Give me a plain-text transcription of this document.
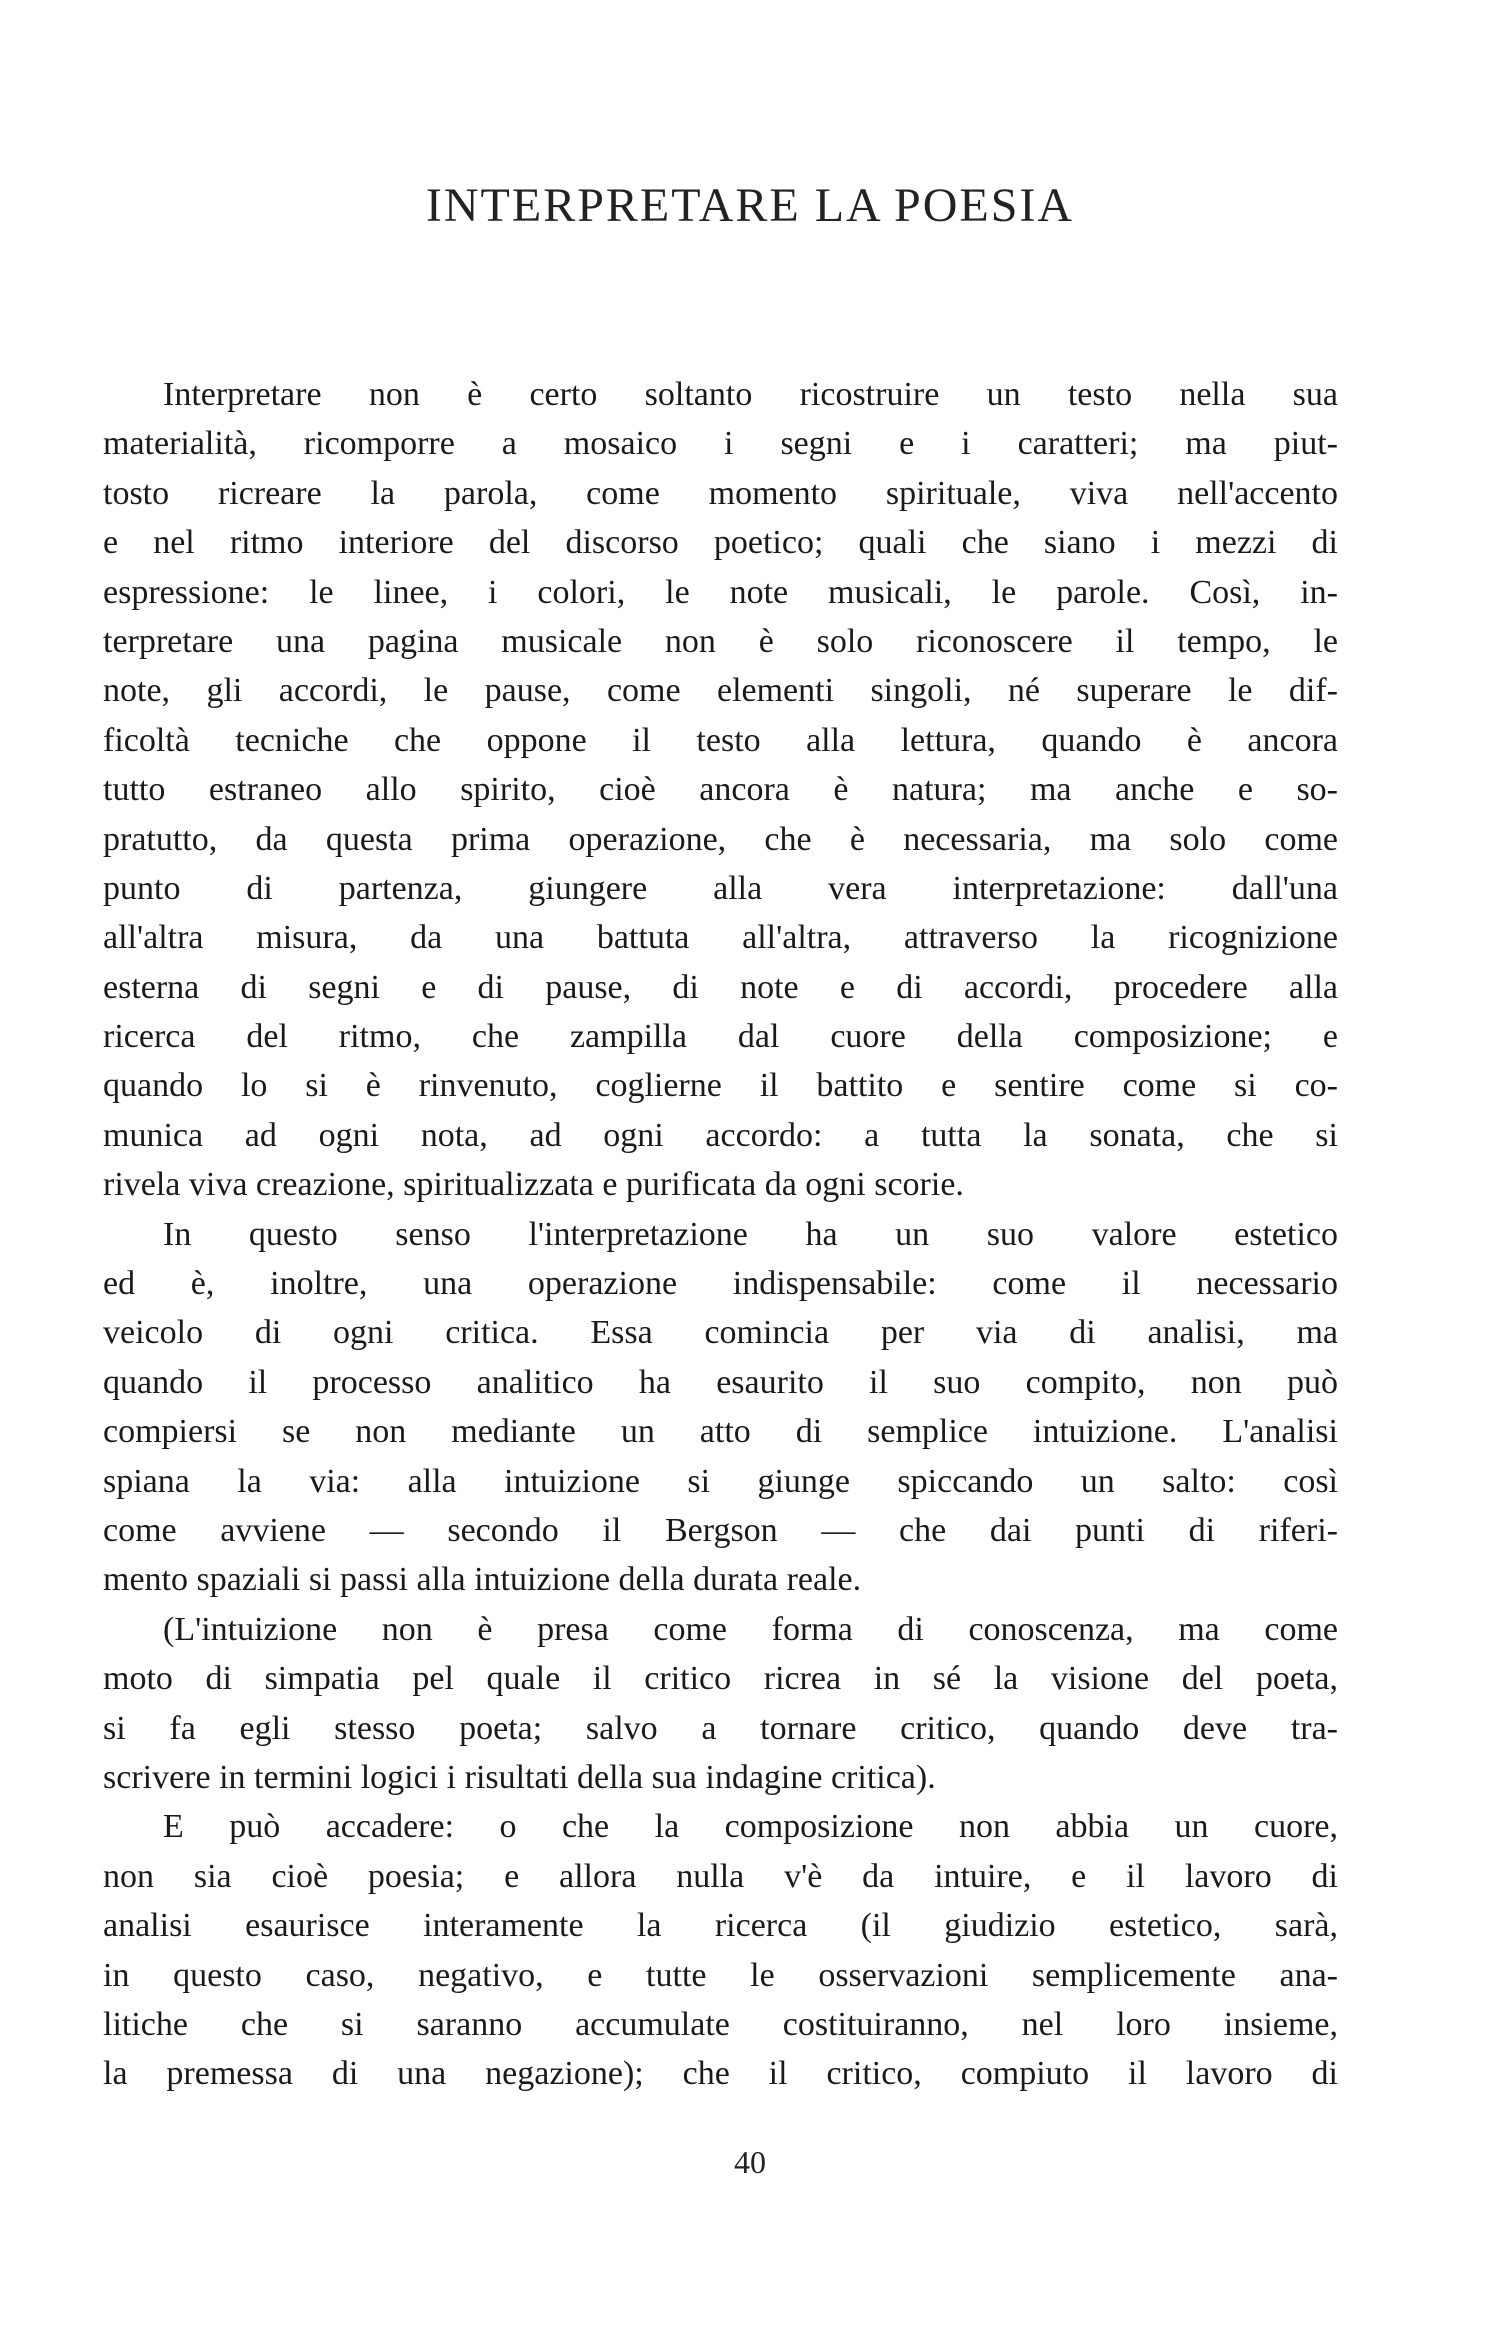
INTERPRETARE LA POESIA
Interpretare non è certo soltanto ricostruire un testo nella sua
materialità, ricomporre a mosaico i segni e i caratteri; ma piut-
tosto ricreare la parola, come momento spirituale, viva nell'accento
e nel ritmo interiore del discorso poetico; quali che siano i mezzi di
espressione: le linee, i colori, le note musicali, le parole. Così, in-
terpretare una pagina musicale non è solo riconoscere il tempo, le
note, gli accordi, le pause, come elementi singoli, né superare le dif-
ficoltà tecniche che oppone il testo alla lettura, quando è ancora
tutto estraneo allo spirito, cioè ancora è natura; ma anche e so-
pratutto, da questa prima operazione, che è necessaria, ma solo come
punto di partenza, giungere alla vera interpretazione: dall'una
all'altra misura, da una battuta all'altra, attraverso la ricognizione
esterna di segni e di pause, di note e di accordi, procedere alla
ricerca del ritmo, che zampilla dal cuore della composizione; e
quando lo si è rinvenuto, coglierne il battito e sentire come si co-
munica ad ogni nota, ad ogni accordo: a tutta la sonata, che si
rivela viva creazione, spiritualizzata e purificata da ogni scorie.
In questo senso l'interpretazione ha un suo valore estetico
ed è, inoltre, una operazione indispensabile: come il necessario
veicolo di ogni critica. Essa comincia per via di analisi, ma
quando il processo analitico ha esaurito il suo compito, non può
compiersi se non mediante un atto di semplice intuizione. L'analisi
spiana la via: alla intuizione si giunge spiccando un salto: così
come avviene — secondo il Bergson — che dai punti di riferi-
mento spaziali si passi alla intuizione della durata reale.
(L'intuizione non è presa come forma di conoscenza, ma come
moto di simpatia pel quale il critico ricrea in sé la visione del poeta,
si fa egli stesso poeta; salvo a tornare critico, quando deve tra-
scrivere in termini logici i risultati della sua indagine critica).
E può accadere: o che la composizione non abbia un cuore,
non sia cioè poesia; e allora nulla v'è da intuire, e il lavoro di
analisi esaurisce interamente la ricerca (il giudizio estetico, sarà,
in questo caso, negativo, e tutte le osservazioni semplicemente ana-
litiche che si saranno accumulate costituiranno, nel loro insieme,
la premessa di una negazione); che il critico, compiuto il lavoro di
40
